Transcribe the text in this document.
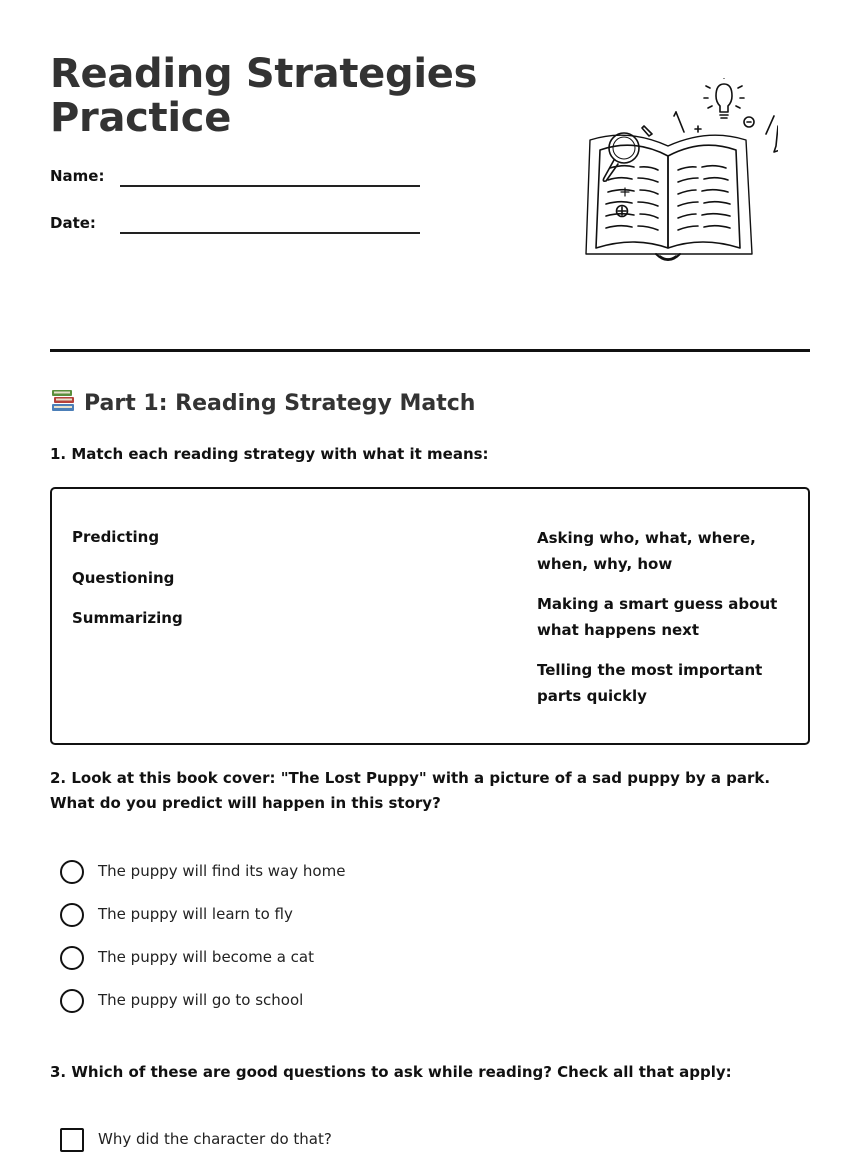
Reading Strategies
Practice
Name:
Date:
Part 1: Reading Strategy Match
1. Match each reading strategy with what it means:
Predicting
Questioning
Summarizing
Asking who, what, where, when, why, how
Making a smart guess about what happens next
Telling the most important parts quickly
2. Look at this book cover: "The Lost Puppy" with a picture of a sad puppy by a park. What do you predict will happen in this story?
The puppy will find its way home
The puppy will learn to fly
The puppy will become a cat
The puppy will go to school
3. Which of these are good questions to ask while reading? Check all that apply:
Why did the character do that?
